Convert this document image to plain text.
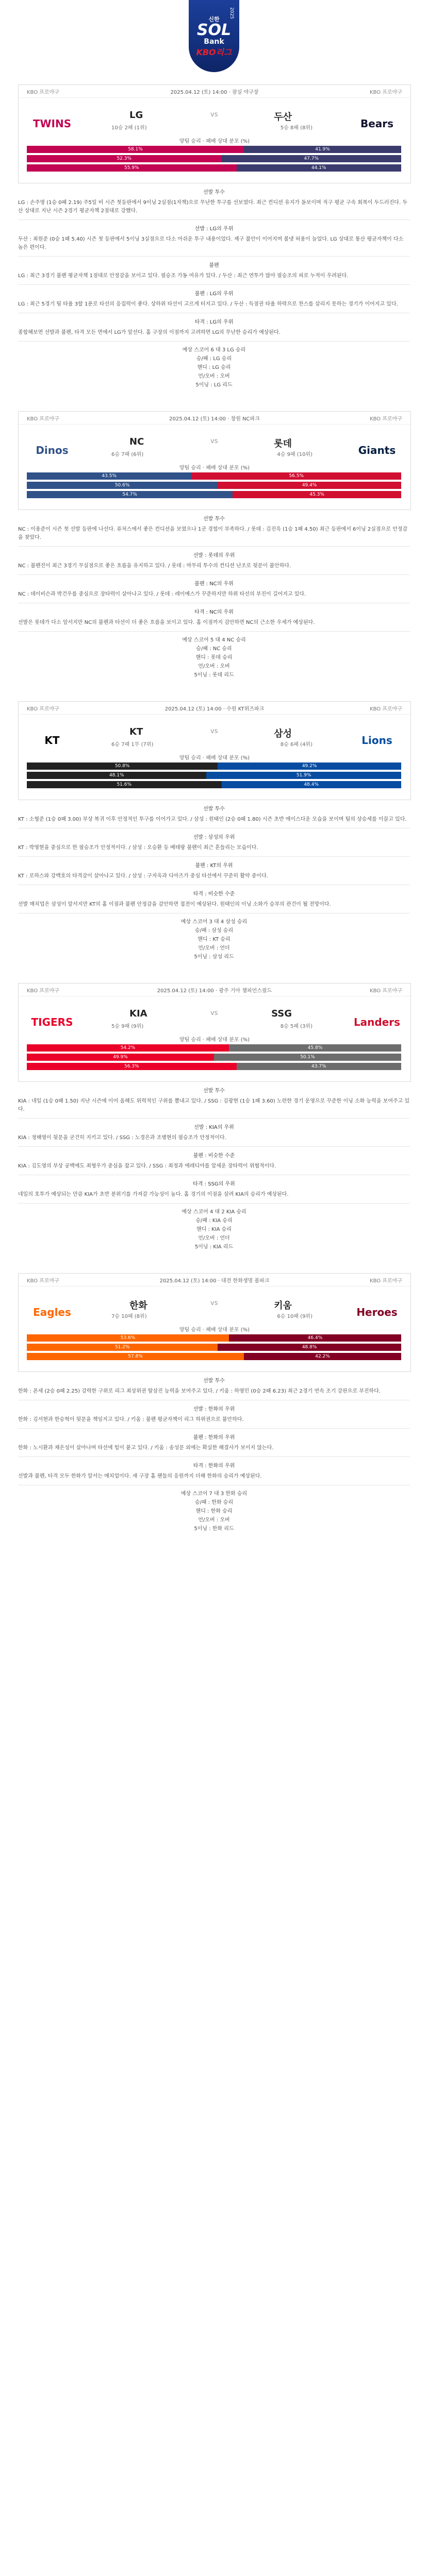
2025
신한
SOL
Bank
KBO리그
KBO 프로야구	2025.04.12 (토) 14:00 · 잠실 야구장	KBO 프로야구
TWINS
LG
10승 2패 (1위)
vs	두산
5승 8패 (8위)	Bears
양팀 승리 · 패배 상대 분포 (%)
58.1%	41.9%
52.3%	47.7%
55.9%	44.1%
선발 투수

LG : 손주영 (1승 0패 2.19) 주5일 비 시즌 첫등판에서 9이닝 2실점(1자책)으로 무난한 투구를 선보였다. 최근 컨디션 유지가 돋보이며 직구 평균 구속 회복이 두드러진다. 두산 상대로 지난 시즌 2경기 평균자책 2점대로 강했다.

선발 : LG의 우위

두산 : 최원준 (0승 1패 5.40) 시즌 첫 등판에서 5이닝 3실점으로 다소 아쉬운 투구 내용이었다. 제구 불안이 이어지며 볼넷 허용이 늘었다. LG 상대로 통산 평균자책이 다소 높은 편이다.

불펜

LG : 최근 3경기 불펜 평균자책 1점대로 안정감을 보이고 있다. 필승조 가동 여유가 있다. / 두산 : 최근 연투가 많아 필승조의 피로 누적이 우려된다.

불펜 : LG의 우위

LG : 최근 5경기 팀 타율 3할 1푼로 타선의 응집력이 좋다. 상하위 타선이 고르게 터지고 있다. / 두산 : 득점권 타율 하락으로 찬스를 살리지 못하는 경기가 이어지고 있다.

타격 : LG의 우위

종합해보면 선발과 불펜, 타격 모든 면에서 LG가 앞선다. 홈 구장의 이점까지 고려하면 LG의 무난한 승리가 예상된다.

예상 스코어 6 대 3 LG 승리
승/패 : LG 승리
핸디 : LG 승리
언/오버 : 오버
5이닝 : LG 리드
KBO 프로야구	2025.04.12 (토) 14:00 · 창원 NC파크	KBO 프로야구
Dinos
NC
6승 7패 (6위)
vs	롯데
4승 9패 (10위)	Giants
양팀 승리 · 패배 상대 분포 (%)
43.5%	56.5%
50.6%	49.4%
54.7%	45.3%
선발 투수

NC : 이용준이 시즌 첫 선발 등판에 나선다. 퓨처스에서 좋은 컨디션을 보였으나 1군 경험이 부족하다. / 롯데 : 김진욱 (1승 1패 4.50) 최근 등판에서 6이닝 2실점으로 안정감을 찾았다.

선발 : 롯데의 우위

NC : 불펜진이 최근 3경기 무실점으로 좋은 흐름을 유지하고 있다. / 롯데 : 마무리 투수의 컨디션 난조로 뒷문이 불안하다.

불펜 : NC의 우위

NC : 데이비슨과 박건우를 중심으로 장타력이 살아나고 있다. / 롯데 : 레이예스가 꾸준하지만 하위 타선의 부진이 길어지고 있다.

타격 : NC의 우위

선발은 롯데가 다소 앞서지만 NC의 불펜과 타선이 더 좋은 흐름을 보이고 있다. 홈 이점까지 감안하면 NC의 근소한 우세가 예상된다.

예상 스코어 5 대 4 NC 승리
승/패 : NC 승리
핸디 : 롯데 승리
언/오버 : 오버
5이닝 : 롯데 리드
KBO 프로야구	2025.04.12 (토) 14:00 · 수원 KT위즈파크	KBO 프로야구
KT
KT
6승 7패 1무 (7위)
vs	삼성
8승 6패 (4위)	Lions
양팀 승리 · 패배 상대 분포 (%)
50.8%	49.2%
48.1%	51.9%
51.6%	48.4%
선발 투수

KT : 소형준 (1승 0패 3.00) 부상 복귀 이후 안정적인 투구를 이어가고 있다. / 삼성 : 원태인 (2승 0패 1.80) 시즌 초반 에이스다운 모습을 보이며 팀의 상승세를 이끌고 있다.

선발 : 삼성의 우위

KT : 박영현을 중심으로 한 필승조가 안정적이다. / 삼성 : 오승환 등 베테랑 불펜이 최근 흔들리는 모습이다.

불펜 : KT의 우위

KT : 로하스와 강백호의 타격감이 살아나고 있다. / 삼성 : 구자욱과 디아즈가 중심 타선에서 꾸준히 활약 중이다.

타격 : 비슷한 수준

선발 매치업은 삼성이 앞서지만 KT의 홈 이점과 불펜 안정감을 감안하면 접전이 예상된다. 원태인의 이닝 소화가 승부의 관건이 될 전망이다.

예상 스코어 3 대 4 삼성 승리
승/패 : 삼성 승리
핸디 : KT 승리
언/오버 : 언더
5이닝 : 삼성 리드
KBO 프로야구	2025.04.12 (토) 14:00 · 광주 기아 챔피언스필드	KBO 프로야구
TIGERS
KIA
5승 9패 (9위)
vs	SSG
8승 5패 (3위)	Landers
양팀 승리 · 패배 상대 분포 (%)
54.2%	45.8%
49.9%	50.1%
56.3%	43.7%
선발 투수

KIA : 네일 (1승 0패 1.50) 지난 시즌에 이어 올해도 위력적인 구위를 뽐내고 있다. / SSG : 김광현 (1승 1패 3.60) 노련한 경기 운영으로 꾸준한 이닝 소화 능력을 보여주고 있다.

선발 : KIA의 우위

KIA : 정해영이 뒷문을 굳건히 지키고 있다. / SSG : 노경은과 조병현의 필승조가 안정적이다.

불펜 : 비슷한 수준

KIA : 김도영의 부상 공백에도 최형우가 중심을 잡고 있다. / SSG : 최정과 에레디아를 앞세운 장타력이 위협적이다.

타격 : SSG의 우위

네일의 호투가 예상되는 만큼 KIA가 초반 분위기를 가져갈 가능성이 높다. 홈 경기의 이점을 살려 KIA의 승리가 예상된다.

예상 스코어 4 대 2 KIA 승리
승/패 : KIA 승리
핸디 : KIA 승리
언/오버 : 언더
5이닝 : KIA 리드
KBO 프로야구	2025.04.12 (토) 14:00 · 대전 한화생명 볼파크	KBO 프로야구
Eagles
한화
7승 10패 (8위)
vs	키움
6승 10패 (9위)	Heroes
양팀 승리 · 패배 상대 분포 (%)
53.6%	46.4%
51.2%	48.8%
57.8%	42.2%
선발 투수

한화 : 폰세 (2승 0패 2.25) 강력한 구위로 리그 최상위권 탈삼진 능력을 보여주고 있다. / 키움 : 하영민 (0승 2패 6.23) 최근 2경기 연속 조기 강판으로 부진하다.

선발 : 한화의 우위

한화 : 김서현과 한승혁이 뒷문을 책임지고 있다. / 키움 : 불펜 평균자책이 리그 하위권으로 불안하다.

불펜 : 한화의 우위

한화 : 노시환과 채은성이 살아나며 타선에 힘이 붙고 있다. / 키움 : 송성문 외에는 확실한 해결사가 보이지 않는다.

타격 : 한화의 우위

선발과 불펜, 타격 모두 한화가 앞서는 매치업이다. 새 구장 홈 팬들의 응원까지 더해 한화의 승리가 예상된다.

예상 스코어 7 대 3 한화 승리
승/패 : 한화 승리
핸디 : 한화 승리
언/오버 : 오버
5이닝 : 한화 리드
